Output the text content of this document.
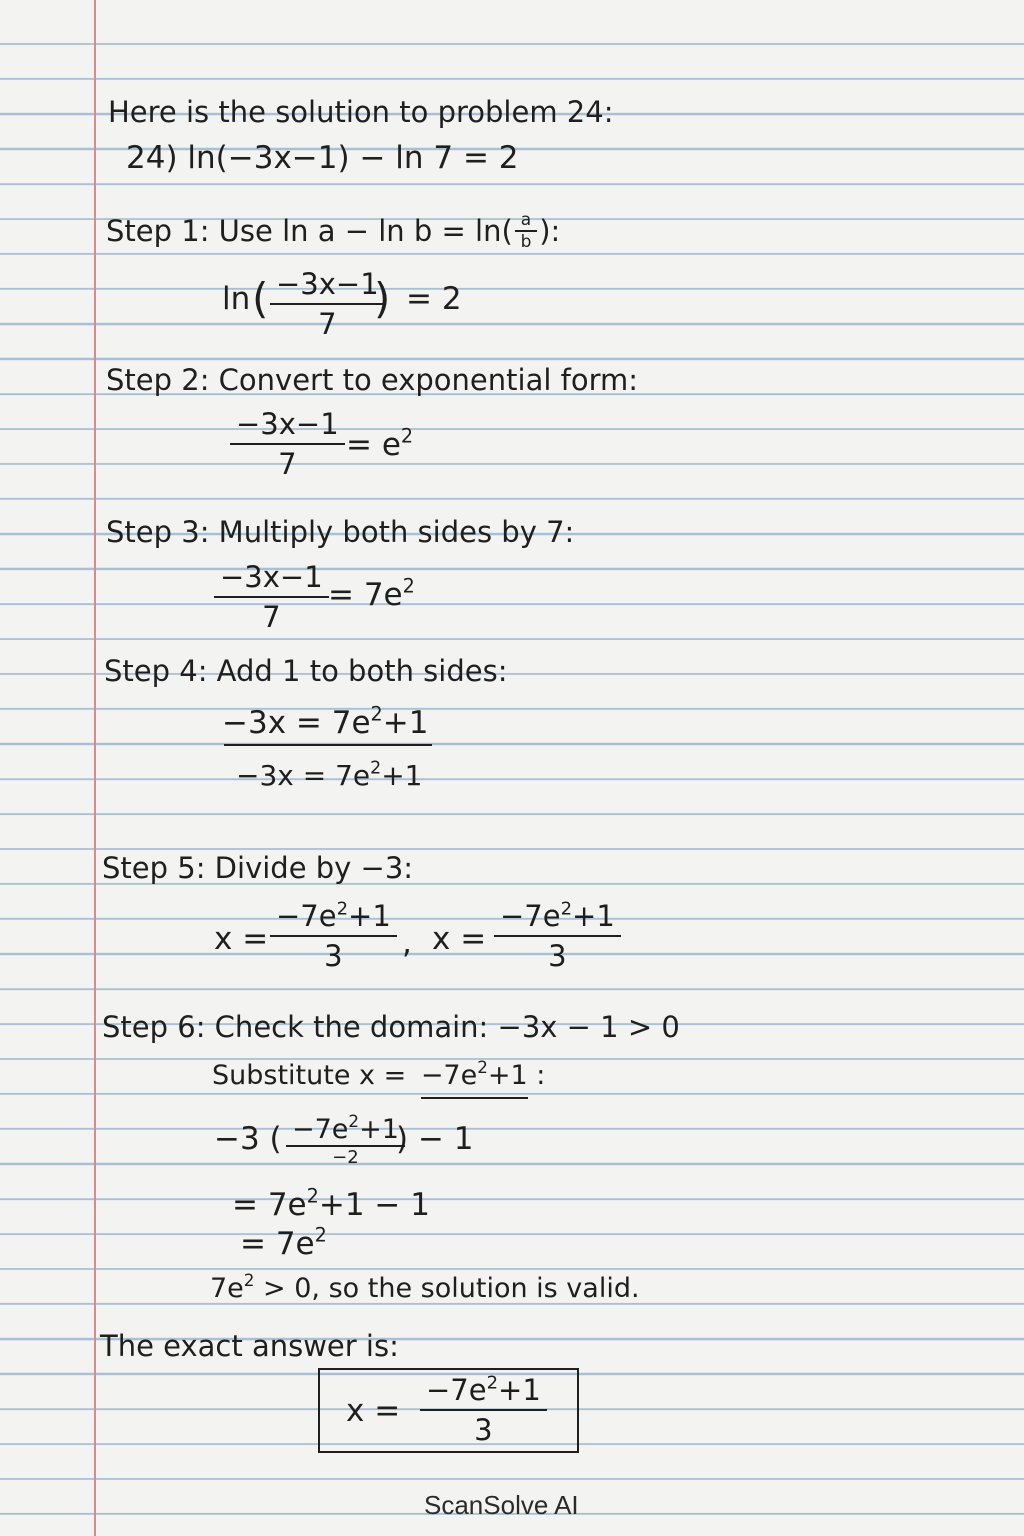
Here is the solution to problem 24:
24) ln(−3x−1) − ln 7 = 2
Step 1: Use $\ln a - \ln b = \ln( \frac{a}{b}$ ):
ln ( −3x−1
7
) = 2
Step 2: Convert to exponential form:
−3x−1
7
= $e^2$
Step 3: Multiply both sides by 7:
−3x−1
7
= $7e^2$
Step 4: Add 1 to both sides:
$-3x = 7e^2+1$
$-3x = 7e^2+1$
Step 5: Divide by −3:
x =
$-7e^2+1$
3 , x =
$-7e^2+1$
3
Step 6: Check the domain: −3x − 1 > 0
Substitute $x = -7e^2+1$ :
−3 ( $-7e^2+1$
−2
) − 1
= $7e^2+1 - 1$
= $7e^2$
$7e^2 > 0$, so the solution is valid.
The exact answer is:
x =
$-7e^2+1$
3
ScanSolve AI
